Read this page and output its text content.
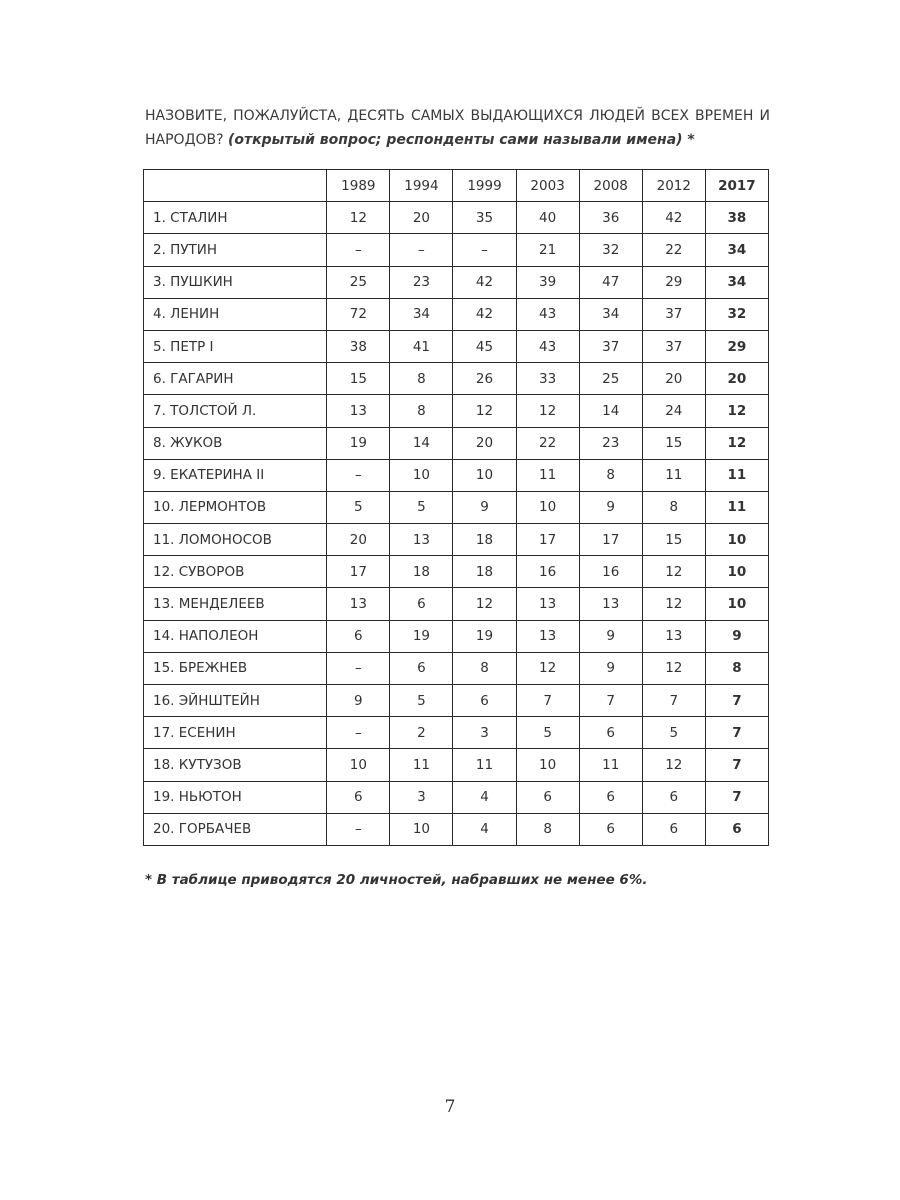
НАЗОВИТЕ, ПОЖАЛУЙСТА, ДЕСЯТЬ САМЫХ ВЫДАЮЩИХСЯ ЛЮДЕЙ ВСЕХ ВРЕМЕН И НАРОДОВ? (открытый вопрос; респонденты сами называли имена) *
	1989	1994	1999	2003	2008	2012	2017
1. СТАЛИН	12	20	35	40	36	42	38
2. ПУТИН	–	–	–	21	32	22	34
3. ПУШКИН	25	23	42	39	47	29	34
4. ЛЕНИН	72	34	42	43	34	37	32
5. ПЕТР I	38	41	45	43	37	37	29
6. ГАГАРИН	15	8	26	33	25	20	20
7. ТОЛСТОЙ Л.	13	8	12	12	14	24	12
8. ЖУКОВ	19	14	20	22	23	15	12
9. ЕКАТЕРИНА II	–	10	10	11	8	11	11
10. ЛЕРМОНТОВ	5	5	9	10	9	8	11
11. ЛОМОНОСОВ	20	13	18	17	17	15	10
12. СУВОРОВ	17	18	18	16	16	12	10
13. МЕНДЕЛЕЕВ	13	6	12	13	13	12	10
14. НАПОЛЕОН	6	19	19	13	9	13	9
15. БРЕЖНЕВ	–	6	8	12	9	12	8
16. ЭЙНШТЕЙН	9	5	6	7	7	7	7
17. ЕСЕНИН	–	2	3	5	6	5	7
18. КУТУЗОВ	10	11	11	10	11	12	7
19. НЬЮТОН	6	3	4	6	6	6	7
20. ГОРБАЧЕВ	–	10	4	8	6	6	6
* В таблице приводятся 20 личностей, набравших не менее 6%.
7
